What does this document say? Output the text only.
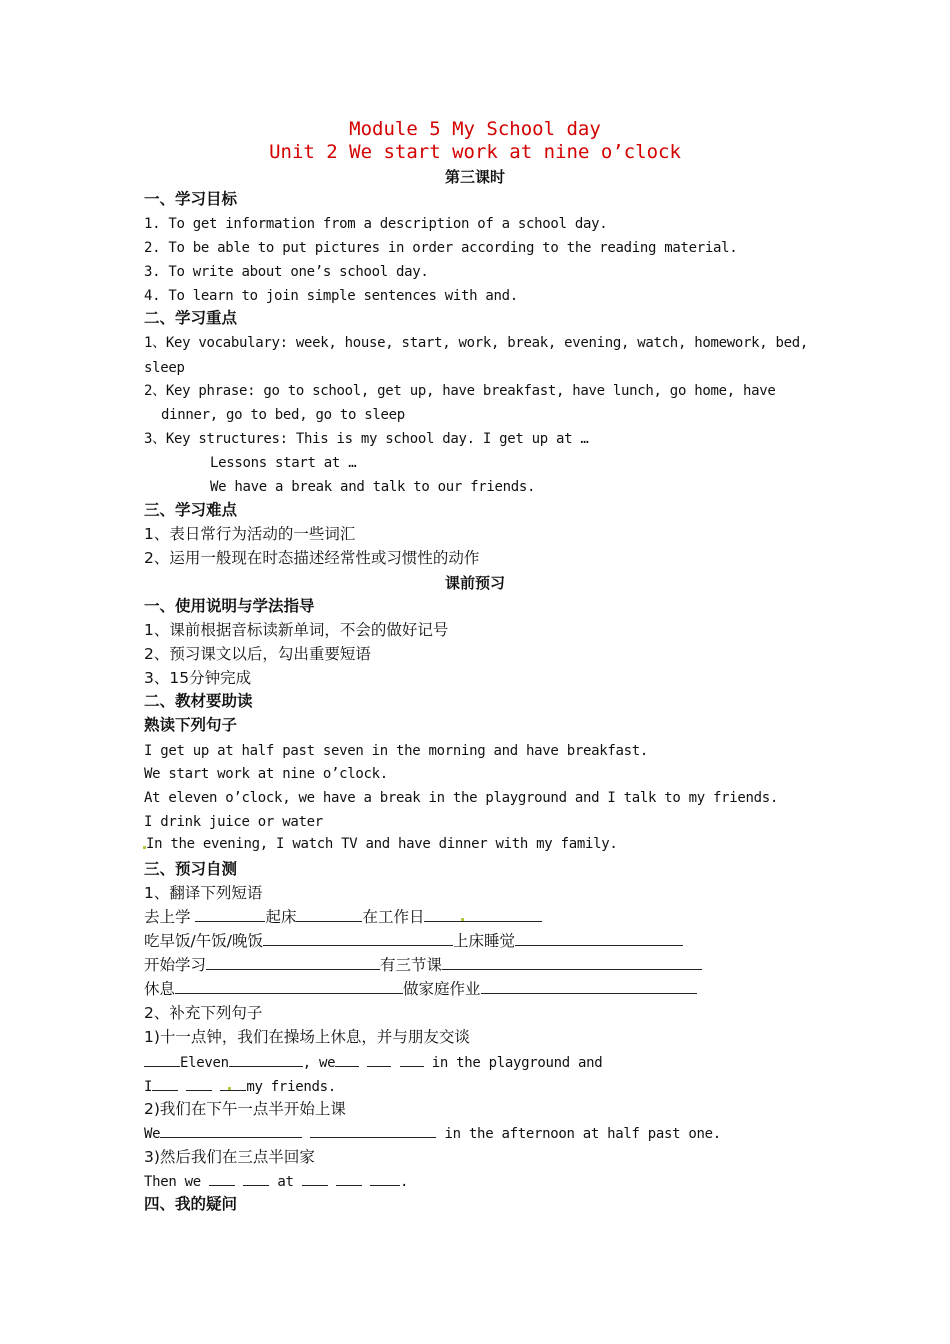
Module 5 My School day
Unit 2 We start work at nine o’clock
第三课时
一、学习目标
1. To get information from a description of a school day.
2. To be able to put pictures in order according to the reading material.
3. To write about one’s school day.
4. To learn to join simple sentences with and.
二、学习重点
1、Key vocabulary: week, house, start, work, break, evening, watch, homework, bed,
sleep
2、Key phrase: go to school, get up, have breakfast, have lunch, go home, have
dinner, go to bed, go to sleep
3、Key structures: This is my school day. I get up at …
Lessons start at …
We have a break and talk to our friends.
三、学习难点
1、表日常行为活动的一些词汇
2、运用一般现在时态描述经常性或习惯性的动作
课前预习
一、使用说明与学法指导
1、课前根据音标读新单词，不会的做好记号
2、预习课文以后，勾出重要短语
3、15分钟完成
二、教材要助读
熟读下列句子
I get up at half past seven in the morning and have breakfast.
We start work at nine o’clock.
At eleven o’clock, we have a break in the playground and I talk to my friends.
I drink juice or water
In the evening, I watch TV and have dinner with my family.
三、预习自测
1、翻译下列短语
去上学	起床	在工作日
吃早饭/午饭/晚饭	上床睡觉
开始学习	有三节课
休息	做家庭作业
2、补充下列句子
1)十一点钟，我们在操场上休息，并与朋友交谈
Eleven	, we	in the playground and
I	my friends.
2)我们在下午一点半开始上课
We	in the afternoon at half past one.
3)然后我们在三点半回家
Then we	at	.
四、我的疑问
